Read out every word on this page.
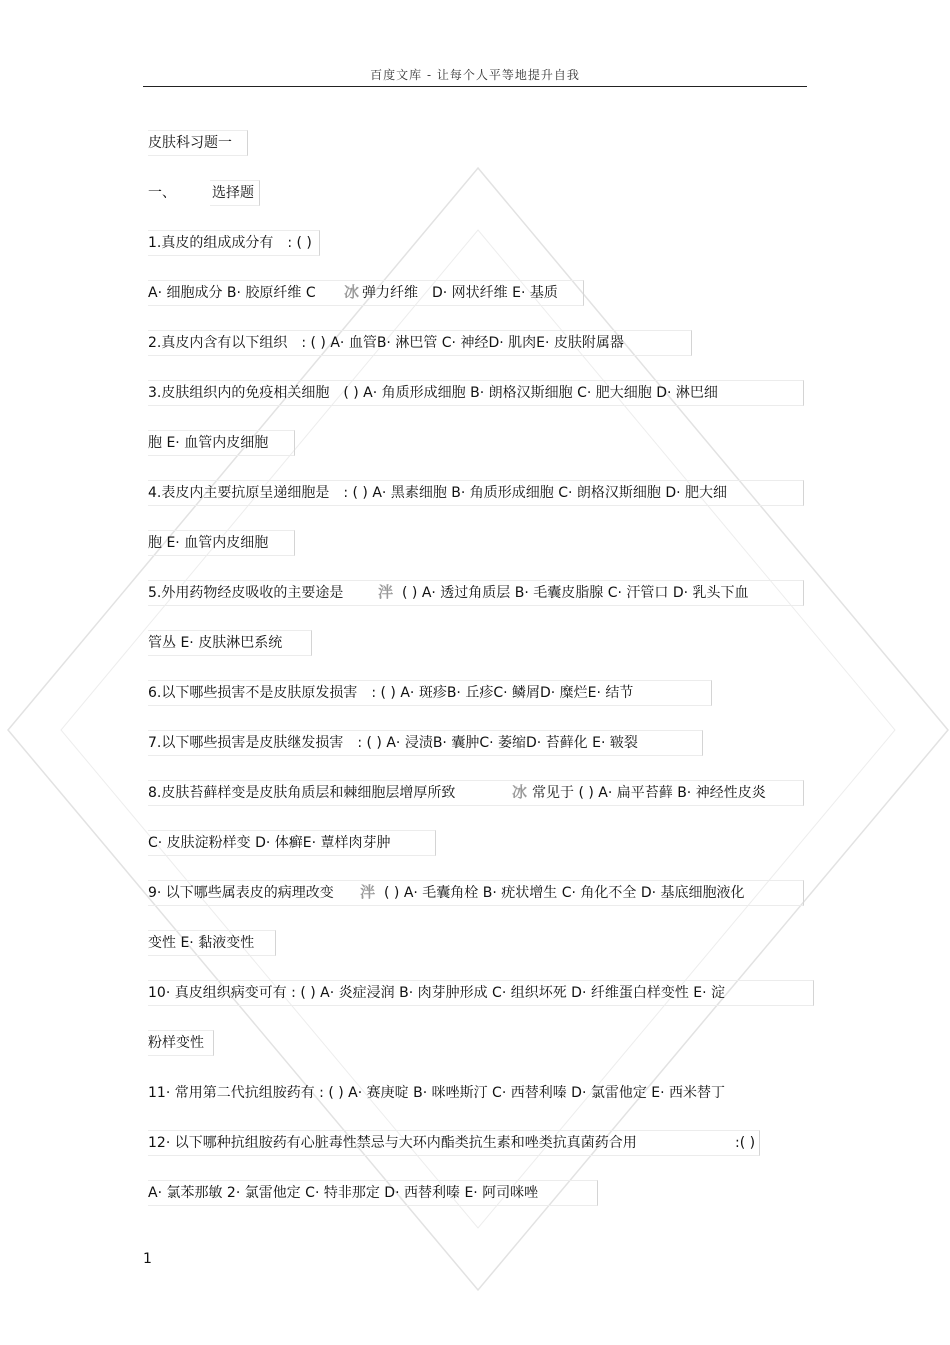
百度文库 - 让每个人平等地提升自我
皮肤科习题一
一、	选择题
1.真皮的组成成分有　: ( )
A· 细胞成分 B· 胶原纤维 C 冰 弹力纤维　D· 网状纤维 E· 基质
2.真皮内含有以下组织　: ( ) A· 血管B· 淋巴管 C· 神经D· 肌肉E· 皮肤附属器
3.皮肤组织内的免疫相关细胞　( ) A· 角质形成细胞 B· 朗格汉斯细胞 C· 肥大细胞 D· 淋巴细
胞 E· 血管内皮细胞
4.表皮内主要抗原呈递细胞是　: ( ) A· 黑素细胞 B· 角质形成细胞 C· 朗格汉斯细胞 D· 肥大细
胞 E· 血管内皮细胞
5.外用药物经皮吸收的主要途是 泮 ( ) A· 透过角质层 B· 毛囊皮脂腺 C· 汗管口 D· 乳头下血
管丛 E· 皮肤淋巴系统
6.以下哪些损害不是皮肤原发损害　: ( ) A· 斑疹B· 丘疹C· 鳞屑D· 糜烂E· 结节
7.以下哪些损害是皮肤继发损害　: ( ) A· 浸渍B· 囊肿C· 萎缩D· 苔藓化 E· 皲裂
8.皮肤苔藓样变是皮肤角质层和棘细胞层增厚所致	冰 常见于 ( ) A· 扁平苔藓 B· 神经性皮炎
C· 皮肤淀粉样变 D· 体癣E· 蕈样肉芽肿
9· 以下哪些属表皮的病理改变 泮 ( ) A· 毛囊角栓 B· 疣状增生 C· 角化不全 D· 基底细胞液化
变性 E· 黏液变性
10· 真皮组织病变可有 : ( ) A· 炎症浸润 B· 肉芽肿形成 C· 组织坏死 D· 纤维蛋白样变性 E· 淀
粉样变性
11· 常用第二代抗组胺药有 : ( ) A· 赛庚啶 B· 咪唑斯汀 C· 西替利嗪 D· 氯雷他定 E· 西米替丁
12· 以下哪种抗组胺药有心脏毒性禁忌与大环内酯类抗生素和唑类抗真菌药合用	:( )
A· 氯苯那敏 2· 氯雷他定 C· 特非那定 D· 西替利嗪 E· 阿司咪唑
1
